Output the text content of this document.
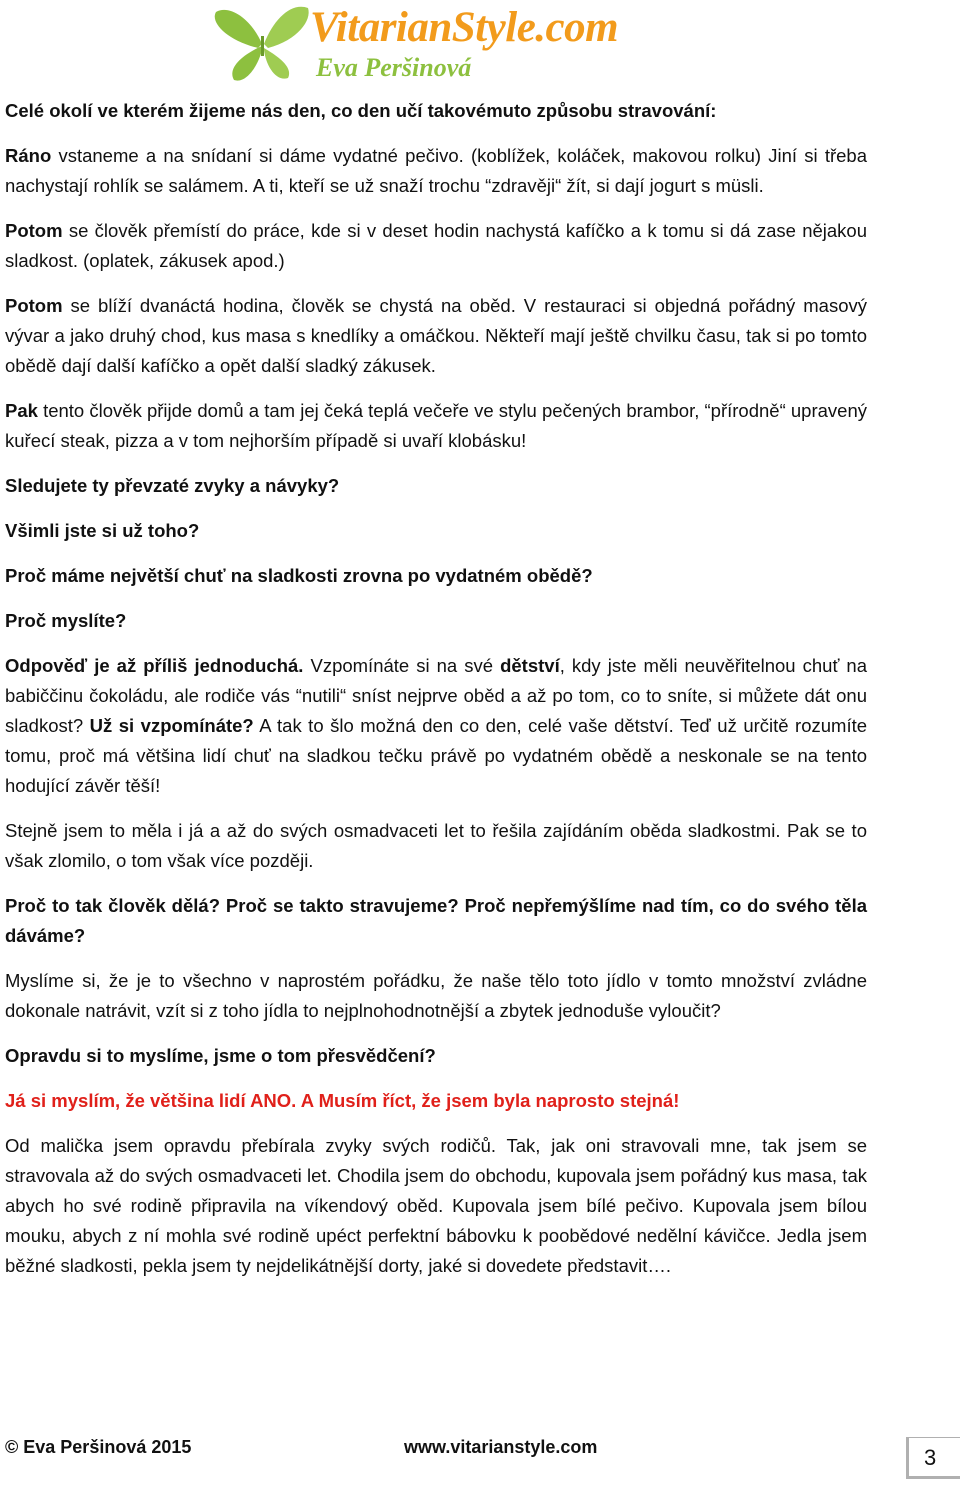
VitarianStyle.com
Eva Peršinová

Celé okolí ve kterém žijeme nás den, co den učí takovémuto způsobu stravování:

Ráno vstaneme a na snídaní si dáme vydatné pečivo. (koblížek, koláček, makovou rolku) Jiní si třeba nachystají rohlík se salámem. A ti, kteří se už snaží trochu “zdravěji“ žít, si dají jogurt s müsli.

Potom se člověk přemístí do práce, kde si v deset hodin nachystá kafíčko a k tomu si dá zase nějakou sladkost. (oplatek, zákusek apod.)

Potom se blíží dvanáctá hodina, člověk se chystá na oběd. V restauraci si objedná pořádný masový vývar a jako druhý chod, kus masa s knedlíky a omáčkou. Někteří mají ještě chvilku času, tak si po tomto obědě dají další kafíčko a opět další sladký zákusek.

Pak tento člověk přijde domů a tam jej čeká teplá večeře ve stylu pečených brambor, “přírodně“ upravený kuřecí steak, pizza a v tom nejhorším případě si uvaří klobásku!

Sledujete ty převzaté zvyky a návyky?

Všimli jste si už toho?

Proč máme největší chuť na sladkosti zrovna po vydatném obědě?

Proč myslíte?

Odpověď je až příliš jednoduchá. Vzpomínáte si na své dětství, kdy jste měli neuvěřitelnou chuť na babiččinu čokoládu, ale rodiče vás “nutili“ sníst nejprve oběd a až po tom, co to sníte, si můžete dát onu sladkost? Už si vzpomínáte? A tak to šlo možná den co den, celé vaše dětství. Teď už určitě rozumíte tomu, proč má většina lidí chuť na sladkou tečku právě po vydatném obědě a neskonale se na tento hodující závěr těší!

Stejně jsem to měla i já a až do svých osmadvaceti let to řešila zajídáním oběda sladkostmi. Pak se to však zlomilo, o tom však více později.

Proč to tak člověk dělá? Proč se takto stravujeme? Proč nepřemýšlíme nad tím, co do svého těla dáváme?

Myslíme si, že je to všechno v naprostém pořádku, že naše tělo toto jídlo v tomto množství zvládne dokonale natrávit, vzít si z toho jídla to nejplnohodnotnější a zbytek jednoduše vyloučit?

Opravdu si to myslíme, jsme o tom přesvědčení?

Já si myslím, že většina lidí ANO. A Musím říct, že jsem byla naprosto stejná!

Od malička jsem opravdu přebírala zvyky svých rodičů. Tak, jak oni stravovali mne, tak jsem se stravovala až do svých osmadvaceti let. Chodila jsem do obchodu, kupovala jsem pořádný kus masa, tak abych ho své rodině připravila na víkendový oběd. Kupovala jsem bílé pečivo. Kupovala jsem bílou mouku, abych z ní mohla své rodině upéct perfektní bábovku k poobědové nedělní kávičce. Jedla jsem běžné sladkosti, pekla jsem ty nejdelikátnější dorty, jaké si dovedete představit….

© Eva Peršinová 2015	www.vitarianstyle.com	3
